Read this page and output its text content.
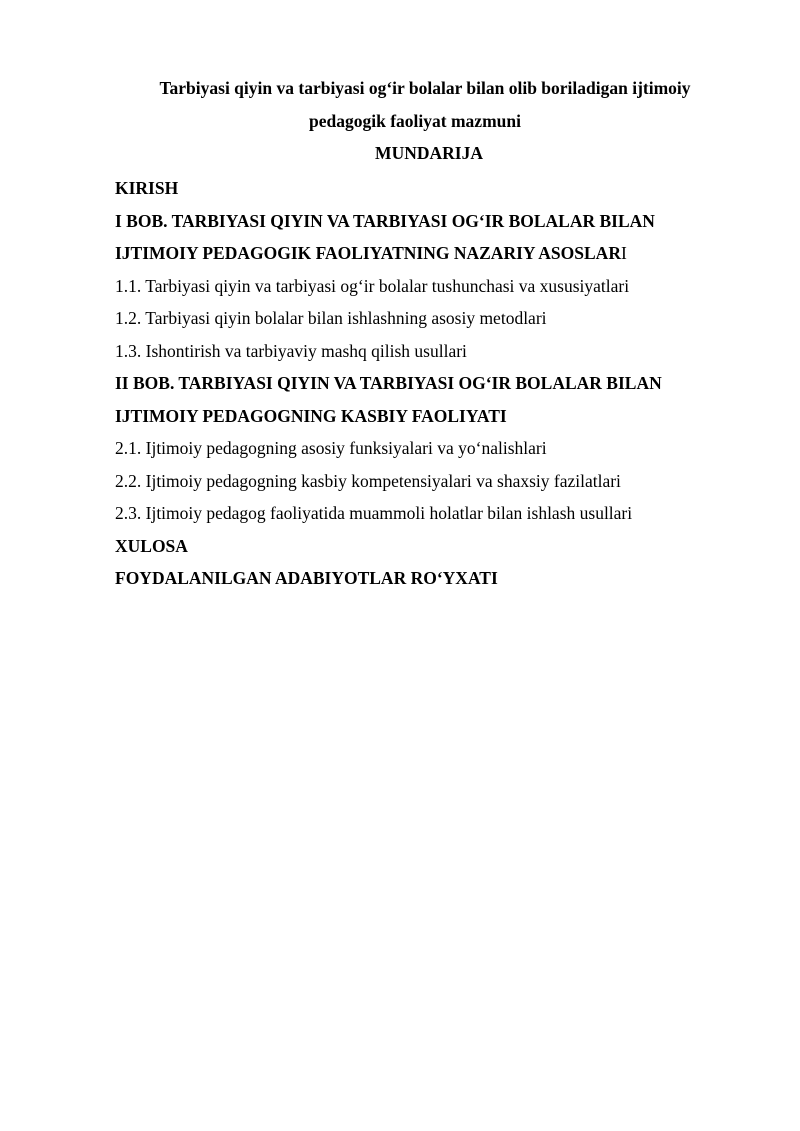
Tarbiyasi qiyin va tarbiyasi og‘ir bolalar bilan olib boriladigan ijtimoiy
pedagogik faoliyat mazmuni
MUNDARIJA
KIRISH
I BOB. TARBIYASI QIYIN VA TARBIYASI OG‘IR BOLALAR BILAN
IJTIMOIY PEDAGOGIK FAOLIYATNING NAZARIY ASOSLARI
1.1. Tarbiyasi qiyin va tarbiyasi og‘ir bolalar tushunchasi va xususiyatlari
1.2. Tarbiyasi qiyin bolalar bilan ishlashning asosiy metodlari
1.3. Ishontirish va tarbiyaviy mashq qilish usullari
II BOB. TARBIYASI QIYIN VA TARBIYASI OG‘IR BOLALAR BILAN
IJTIMOIY PEDAGOGNING KASBIY FAOLIYATI
2.1. Ijtimoiy pedagogning asosiy funksiyalari va yo‘nalishlari
2.2. Ijtimoiy pedagogning kasbiy kompetensiyalari va shaxsiy fazilatlari
2.3. Ijtimoiy pedagog faoliyatida muammoli holatlar bilan ishlash usullari
XULOSA
FOYDALANILGAN ADABIYOTLAR RO‘YXATI
